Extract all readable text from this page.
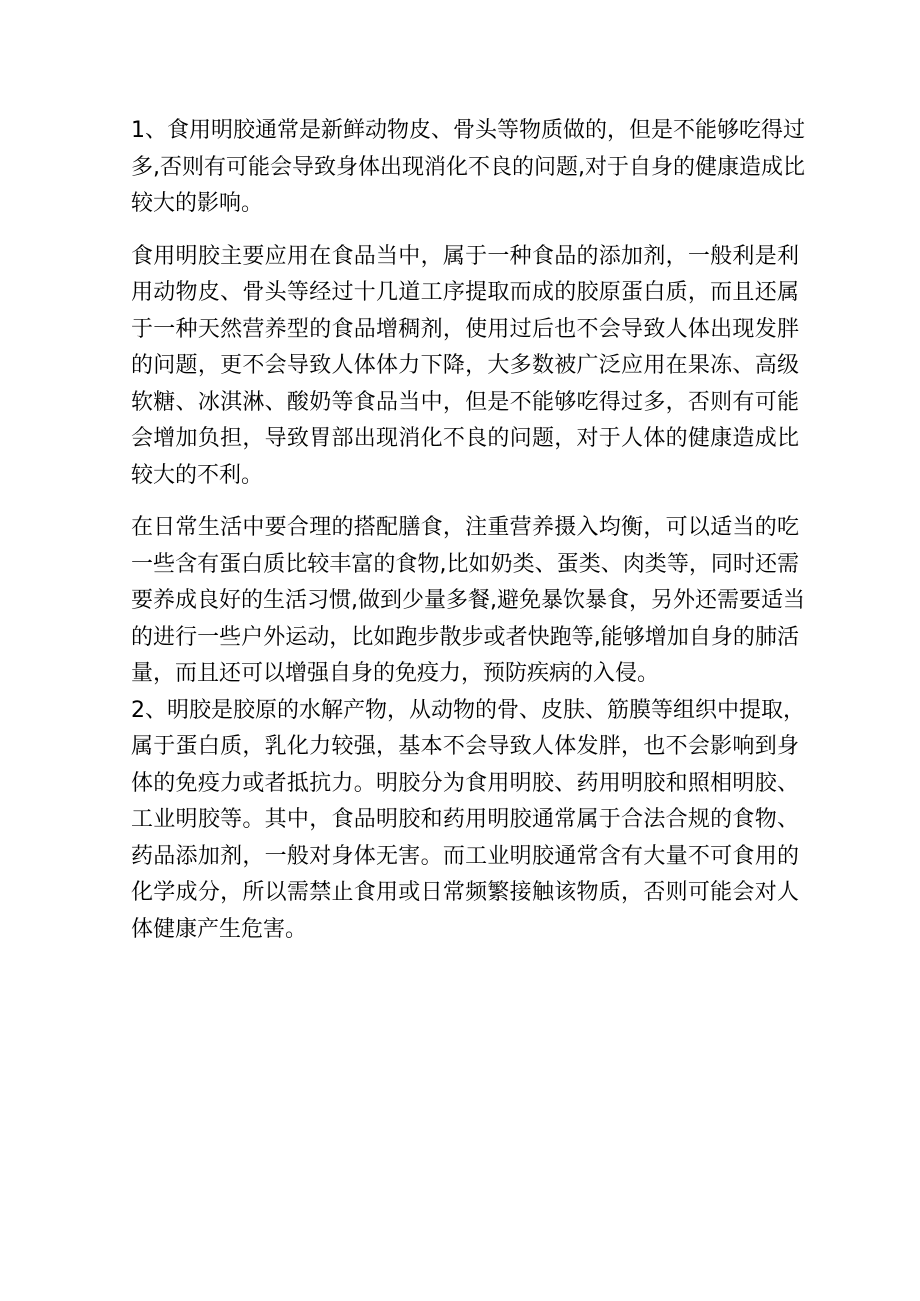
1、食用明胶通常是新鲜动物皮、骨头等物质做的，但是不能够吃得过
多,否则有可能会导致身体出现消化不良的问题,对于自身的健康造成比
较大的影响。
食用明胶主要应用在食品当中，属于一种食品的添加剂，一般利是利
用动物皮、骨头等经过十几道工序提取而成的胶原蛋白质，而且还属
于一种天然营养型的食品增稠剂，使用过后也不会导致人体出现发胖
的问题，更不会导致人体体力下降，大多数被广泛应用在果冻、高级
软糖、冰淇淋、酸奶等食品当中，但是不能够吃得过多，否则有可能
会增加负担，导致胃部出现消化不良的问题，对于人体的健康造成比
较大的不利。
在日常生活中要合理的搭配膳食，注重营养摄入均衡，可以适当的吃
一些含有蛋白质比较丰富的食物,比如奶类、蛋类、肉类等，同时还需
要养成良好的生活习惯,做到少量多餐,避免暴饮暴食，另外还需要适当
的进行一些户外运动，比如跑步散步或者快跑等,能够增加自身的肺活
量，而且还可以增强自身的免疫力，预防疾病的入侵。
2、明胶是胶原的水解产物，从动物的骨、皮肤、筋膜等组织中提取，
属于蛋白质，乳化力较强，基本不会导致人体发胖，也不会影响到身
体的免疫力或者抵抗力。明胶分为食用明胶、药用明胶和照相明胶、
工业明胶等。其中，食品明胶和药用明胶通常属于合法合规的食物、
药品添加剂，一般对身体无害。而工业明胶通常含有大量不可食用的
化学成分，所以需禁止食用或日常频繁接触该物质，否则可能会对人
体健康产生危害。
